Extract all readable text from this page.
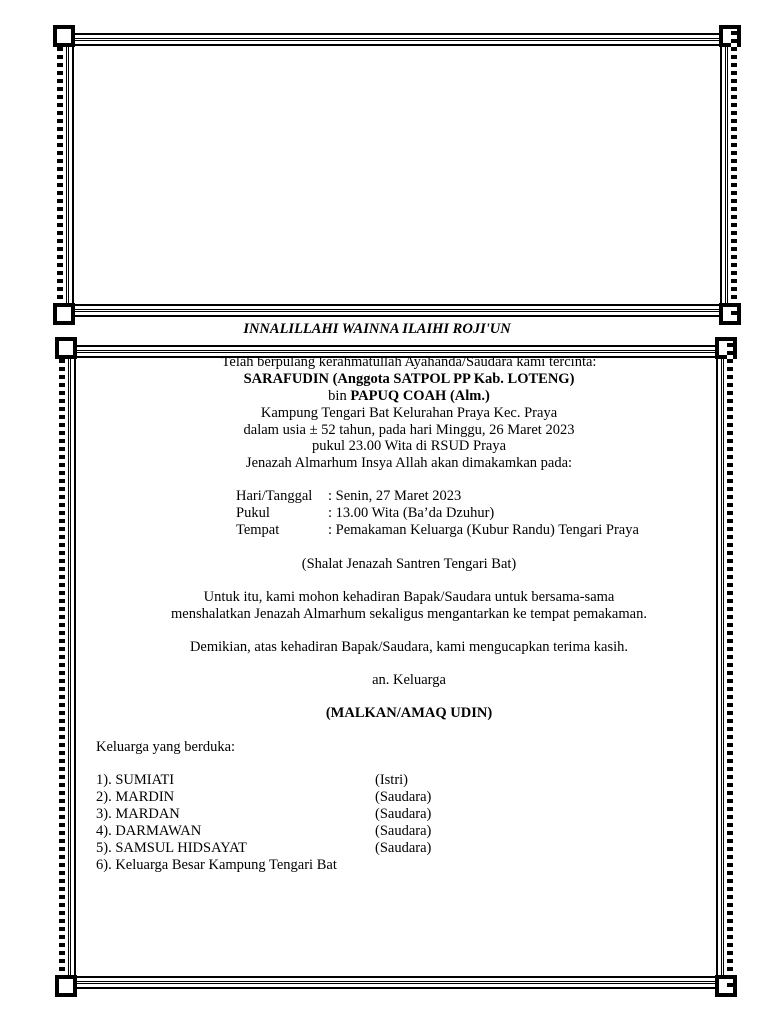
INNALILLAHI WAINNA ILAIHI ROJI'UN
Telah berpulang kerahmatullah Ayahanda/Saudara kami tercinta:
SARAFUDIN (Anggota SATPOL PP Kab. LOTENG)
bin PAPUQ COAH (Alm.)
Kampung Tengari Bat Kelurahan Praya Kec. Praya
dalam usia ± 52 tahun, pada hari Minggu, 26 Maret 2023
pukul 23.00 Wita di RSUD Praya
Jenazah Almarhum Insya Allah akan dimakamkan pada:
Hari/Tanggal : Senin, 27 Maret 2023
Pukul	: 13.00 Wita (Ba’da Dzuhur)
Tempat	: Pemakaman Keluarga (Kubur Randu) Tengari Praya
(Shalat Jenazah Santren Tengari Bat)
Untuk itu, kami mohon kehadiran Bapak/Saudara untuk bersama-sama
menshalatkan Jenazah Almarhum sekaligus mengantarkan ke tempat pemakaman.
Demikian, atas kehadiran Bapak/Saudara, kami mengucapkan terima kasih.
an. Keluarga
(MALKAN/AMAQ UDIN)
Keluarga yang berduka:
1). SUMIATI	(Istri)
2). MARDIN	(Saudara)
3). MARDAN	(Saudara)
4). DARMAWAN	(Saudara)
5). SAMSUL HIDSAYAT	(Saudara)
6). Keluarga Besar Kampung Tengari Bat
